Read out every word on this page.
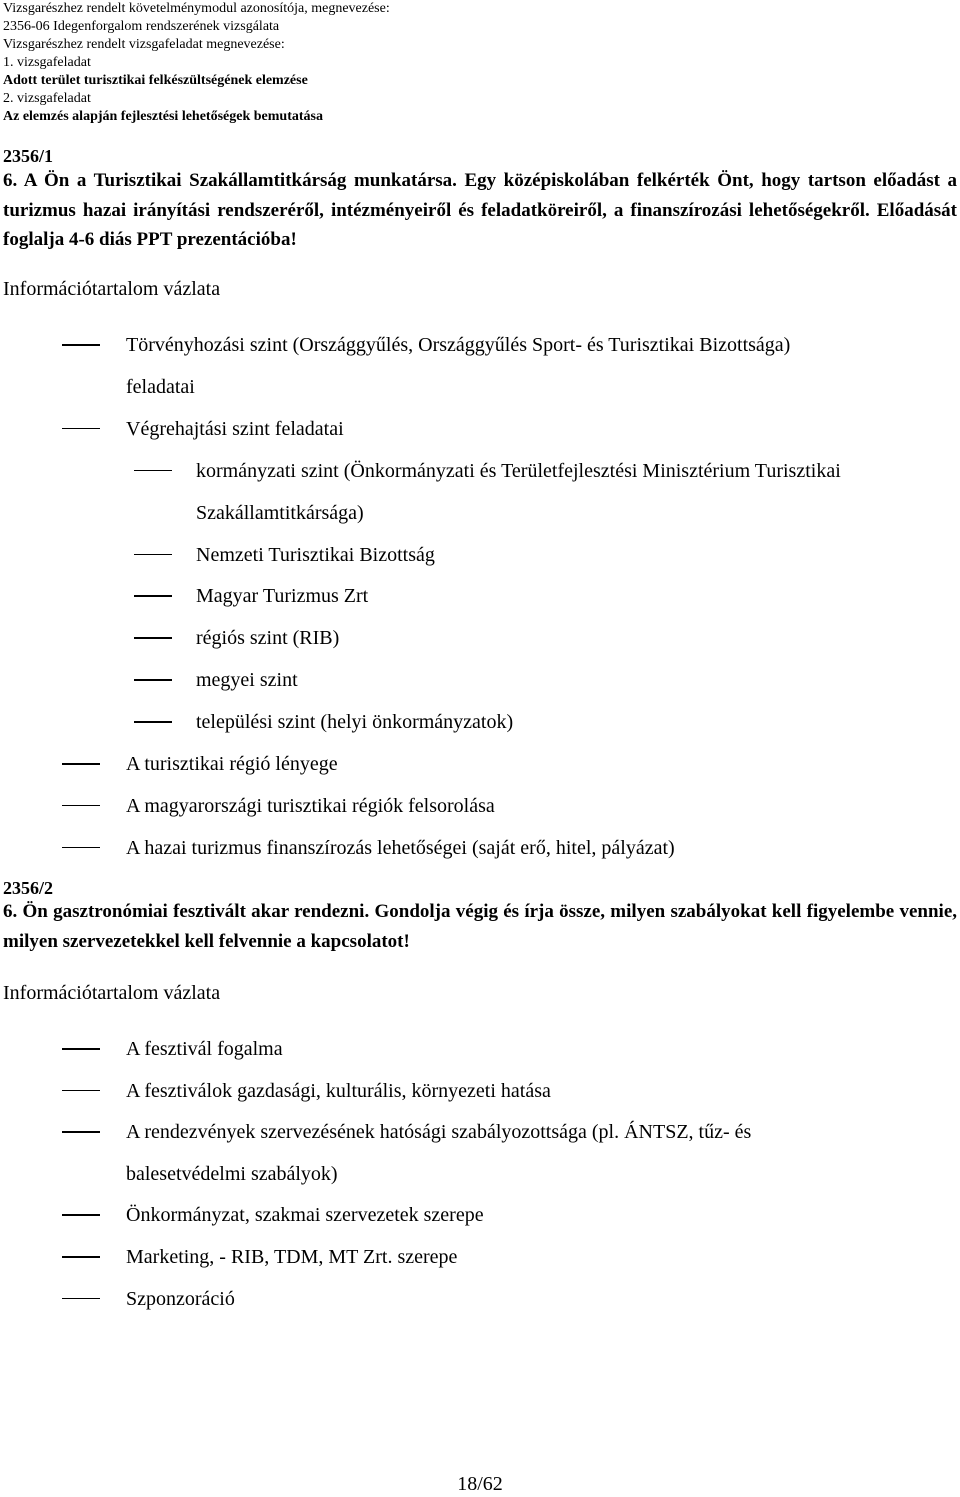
Vizsgarészhez rendelt követelménymodul azonosítója, megnevezése:
2356-06 Idegenforgalom rendszerének vizsgálata
Vizsgarészhez rendelt vizsgafeladat megnevezése:
1. vizsgafeladat
Adott terület turisztikai felkészültségének elemzése
2. vizsgafeladat
Az elemzés alapján fejlesztési lehetőségek bemutatása
2356/1
6. A Ön a Turisztikai Szakállamtitkárság munkatársa. Egy középiskolában felkérték Önt, hogy tartson előadást a turizmus hazai irányítási rendszeréről, intézményeiről és feladatköreiről, a finanszírozási lehetőségekről. Előadását foglalja 4-6 diás PPT prezentációba!
Információtartalom vázlata
Törvényhozási szint (Országgyűlés, Országgyűlés Sport- és Turisztikai Bizottsága)
feladatai
Végrehajtási szint feladatai
kormányzati szint (Önkormányzati és Területfejlesztési Minisztérium Turisztikai
Szakállamtitkársága)
Nemzeti Turisztikai Bizottság
Magyar Turizmus Zrt
régiós szint (RIB)
megyei szint
települési szint (helyi önkormányzatok)
A turisztikai régió lényege
A magyarországi turisztikai régiók felsorolása
A hazai turizmus finanszírozás lehetőségei (saját erő, hitel, pályázat)
2356/2
6. Ön gasztronómiai fesztivált akar rendezni. Gondolja végig és írja össze, milyen szabályokat kell figyelembe vennie, milyen szervezetekkel kell felvennie a kapcsolatot!
Információtartalom vázlata
A fesztivál fogalma
A fesztiválok gazdasági, kulturális, környezeti hatása
A rendezvények szervezésének hatósági szabályozottsága (pl. ÁNTSZ, tűz- és
balesetvédelmi szabályok)
Önkormányzat, szakmai szervezetek szerepe
Marketing, - RIB, TDM, MT Zrt. szerepe
Szponzoráció
18/62
